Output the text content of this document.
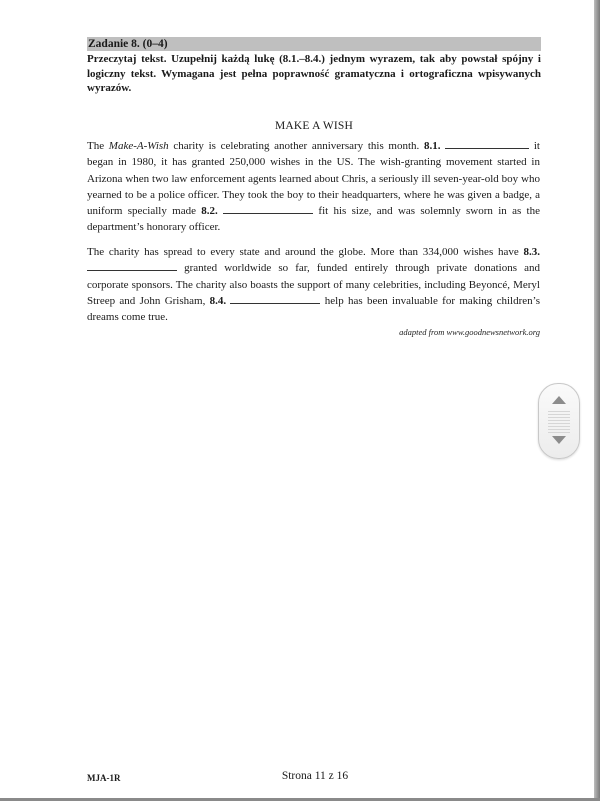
Zadanie 8. (0–4)
Przeczytaj tekst. Uzupełnij każdą lukę (8.1.–8.4.) jednym wyrazem, tak aby powstał spójny i logiczny tekst. Wymagana jest pełna poprawność gramatyczna i ortograficzna wpisywanych wyrazów.
MAKE A WISH
The Make-A-Wish charity is celebrating another anniversary this month. 8.1.	it began in 1980, it has granted 250,000 wishes in the US. The wish-granting movement started in Arizona when two law enforcement agents learned about Chris, a seriously ill seven-year-old boy who yearned to be a police officer. They took the boy to their headquarters, where he was given a badge, a uniform specially made 8.2.	fit his size, and was solemnly sworn in as the department’s honorary officer.
The charity has spread to every state and around the globe. More than 334,000 wishes have 8.3.  granted worldwide so far, funded entirely through private donations and corporate sponsors. The charity also boasts the support of many celebrities, including Beyoncé, Meryl Streep and John Grisham, 8.4.	help has been invaluable for making children’s dreams come true.
adapted from www.goodnewsnetwork.org
MJA-1R	Strona 11 z 16
